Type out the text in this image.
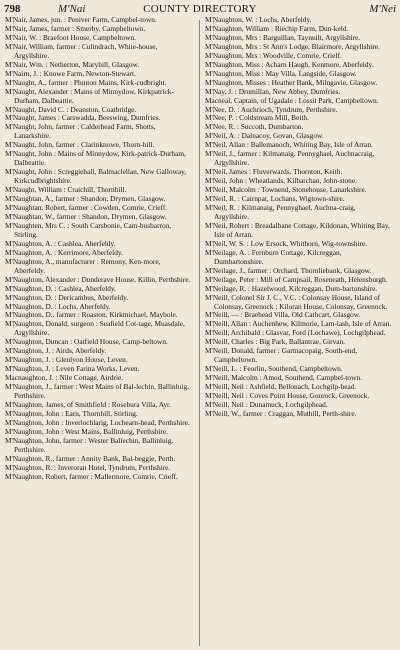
798	M'Nai	COUNTY DIRECTORY	M'Nei

M'Nair, James, jun. : Peniver Farm, Campbel-town.

M'Nair, James, farmer : Smerby, Campbeltown.

M'Nair, W. : Braefoot House, Campbeltown.

M'Nair, William, farmer : Culindrach, White-house, Argyllshire.

M'Nair, Wm. : Netherton, Maryhill, Glasgow.

M'Nairn, J. : Knowe Farm, Newton-Stewart.

M'Naught, A., farmer : Plunton Mains, Kirk-cudbright.

M'Naught, Alexander : Mains of Minnydow, Kirkpatrick-Durham, Dalbeattie.

M'Naught, David C. : Deanston, Coatbridge.

M'Naught, James : Carswadda, Beeswing, Dumfries.

M'Naught, John, farmer : Calderhead Farm, Shotts, Lanarkshire.

M'Naught, John, farmer : Clarinknowe, Thorn-hill.

M'Naught, John : Mains of Minnydow, Kirk-patrick-Durham, Dalbeattie.

M'Naught, John : Screggiehall, Balmaclellan, New Galloway, Kirkcudbrightshire.

M'Naught, William : Craichill, Thornhill.

M'Naughtan, A., farmer : Shandon, Drymen, Glasgow.

M'Naughtan, Robert, farmer : Cowden, Comrie, Crieff.

M'Naughtan, W., farmer : Shandon, Drymen, Glasgow.

M'Naughten, Mrs C. : South Carsbonie, Cam-busbarron, Stirling.

M'Naughton, A. : Cashlea, Aberfeldy.

M'Naughton, A. : Kerrimore, Aberfeldy.

M'Naughton, A., manufacturer : Remony, Ken-more, Aberfeldy.

M'Naughton, Alexander : Dunderave House, Killin, Perthshire.

M'Naughton, D. : Cashlea, Aberfeldy.

M'Naughton, D. : Dericambus, Aberfeldy.

M'Naughton, D. : Lochs, Aberfeldy.

M'Naughton, D., farmer : Roaston, Kirkmichael, Maybole.

M'Naughton, Donald, surgeon : Seafield Cot-tage, Muasdale, Argyllshire.

M'Naughton, Duncan : Oatfield House, Camp-beltown.

M'Naughton, J. : Airds, Aberfeldy.

M'Naughton, J. : Glenlyon House, Leven.

M'Naughton, J. : Leven Farina Works, Leven.

Macnaughton, J. : Nile Cottage, Airdrie.

M'Naughton, J., farmer : West Mains of Bal-lechin, Ballinluig, Perthshire.

M'Naughton, James, of Smithfield : Rosebura Villa, Ayr.

M'Naughton, John : Earn, Thornhill, Stirling.

M'Naughton, John : Inverlochlarig, Lochearn-head, Perthshire.

M'Naughton, John : West Mains, Ballinluig, Perthshire.

M'Naughton, John, farmer : Wester Ballechin, Ballinluig, Perthshire.

M'Naughton, R., farmer : Annity Bank, Bal-beggie, Perth.

M'Naughton, R. : Inveroran Hotel, Tyndrum, Perthshire.

M'Naughton, Robert, farmer : Mallermore, Comrie, Crieff.

M'Naughton, W. : Lochs, Aberfeldy.

M'Naughton, William : Riechip Farm, Dun-keld.

M'Naughton, Mrs : Barguillan, Taynuilt, Argyllshire.

M'Naughton, Mrs : St Ann's Lodge, Blairmore, Argyllshire.

M'Naughton, Mrs : Woodville, Comrie, Crieff.

M'Naughton, Miss : Acharn Haugh, Kenmore, Aberfeldy.

M'Naughton, Miss : May Villa, Langside, Glasgow.

M'Naughton, Misses : Heather Bank, Milngavie, Glasgow.

M'Nay, J. : Drumillan, New Abbey, Dumfries.

Macneal, Captain, of Ugadale : Lossit Park, Campbeltown.

M'Nee, D. : Auchrioch, Tyndrum, Perthshire.

M'Nee, P. : Coldstream Mill, Beith.

M'Nee, R. : Succoth, Dumbarton.

M'Neil, A. : Dalnacoy, Govan, Glasgow.

M'Neil, Allan : Ballemanoch, Whiting Bay, Isle of Arran.

M'Neil, J., farmer : Kilmanaig, Pennyghael, Auchnacraig, Argyllshire.

M'Neil, James : Fluverwards, Thornton, Keith.

M'Neil, John : Wheatlands, Kilbarchan, John-stone.

M'Neil, Malcolm : Townend, Stonehouse, Lanarkshire.

M'Neil, R. : Cairnpat, Lochans, Wigtown-shire.

M'Neil, R. : Kilmanaig, Pennyghael, Auchna-craig, Argyllshire.

M'Neil, Robert : Breadalbane Cottage, Kildonan, Whiting Bay, Isle of Arran.

M'Neil, W. S. : Low Ersock, Whithorn, Wig-townshire.

M'Neilage, A. : Fernburn Cottage, Kilcreggan, Dumbartonshire.

M'Neilage, J., farmer : Orchard, Thornliebank, Glasgow.

M'Neilage, Peter : Mill of Campsail, Roseneath, Helensburgh.

M'Neilage, R. : Hazelwood, Kilcreggan, Dum-bartonshire.

M'Neill, Colonel Sir J. C., V.C. : Colonsay House, Island of Colonsay, Greenock ; Kiloran House, Colonsay, Greenock.

M'Neill, — : Braehead Villa, Old Cathcart, Glasgow.

M'Neill, Allan : Auchenhew, Kilmorie, Lam-lash, Isle of Arran.

M'Neill, Archibald : Glasvar, Ford (Lochawe), Lochgilphead.

M'Neill, Charles : Big Park, Ballantrae, Girvan.

M'Neill, Donald, farmer : Gartnacopaig, South-end, Campbeltown.

M'Neill, L. : Feorlin, Southend, Campbeltown.

M'Neill, Malcolm : Amod, Southend, Campbel-town.

M'Neill, Neil : Ashfield, Bellonach, Lochgilp-head.

M'Neill, Neil : Coves Point House, Gourock, Greenock.

M'Neill, Neil : Dunamuck, Lochgilphead.

M'Neill, W., farmer : Craggan, Muthill, Perth-shire.
